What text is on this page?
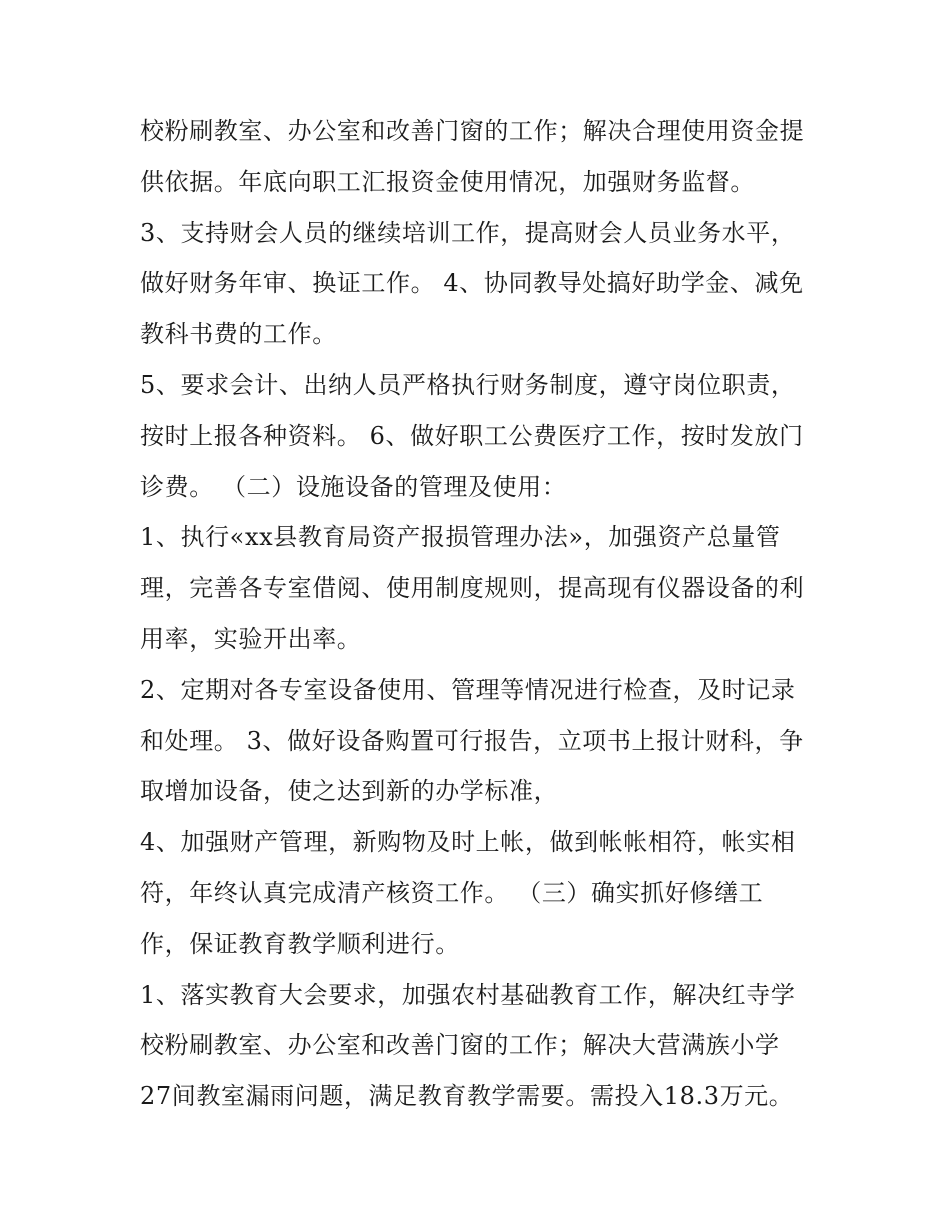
校粉刷教室、办公室和改善门窗的工作；解决合理使用资金提
供依据。年底向职工汇报资金使用情况，加强财务监督。
3、支持财会人员的继续培训工作，提高财会人员业务水平，
做好财务年审、换证工作。 4、协同教导处搞好助学金、减免
教科书费的工作。
5、要求会计、出纳人员严格执行财务制度，遵守岗位职责，
按时上报各种资料。 6、做好职工公费医疗工作，按时发放门
诊费。 （二）设施设备的管理及使用：
1、执行«xx县教育局资产报损管理办法»，加强资产总量管
理，完善各专室借阅、使用制度规则，提高现有仪器设备的利
用率，实验开出率。
2、定期对各专室设备使用、管理等情况进行检查，及时记录
和处理。 3、做好设备购置可行报告，立项书上报计财科，争
取增加设备，使之达到新的办学标准，
4、加强财产管理，新购物及时上帐，做到帐帐相符，帐实相
符，年终认真完成清产核资工作。 （三）确实抓好修缮工
作，保证教育教学顺利进行。
1、落实教育大会要求，加强农村基础教育工作，解决红寺学
校粉刷教室、办公室和改善门窗的工作；解决大营满族小学
27间教室漏雨问题，满足教育教学需要。需投入18.3万元。
